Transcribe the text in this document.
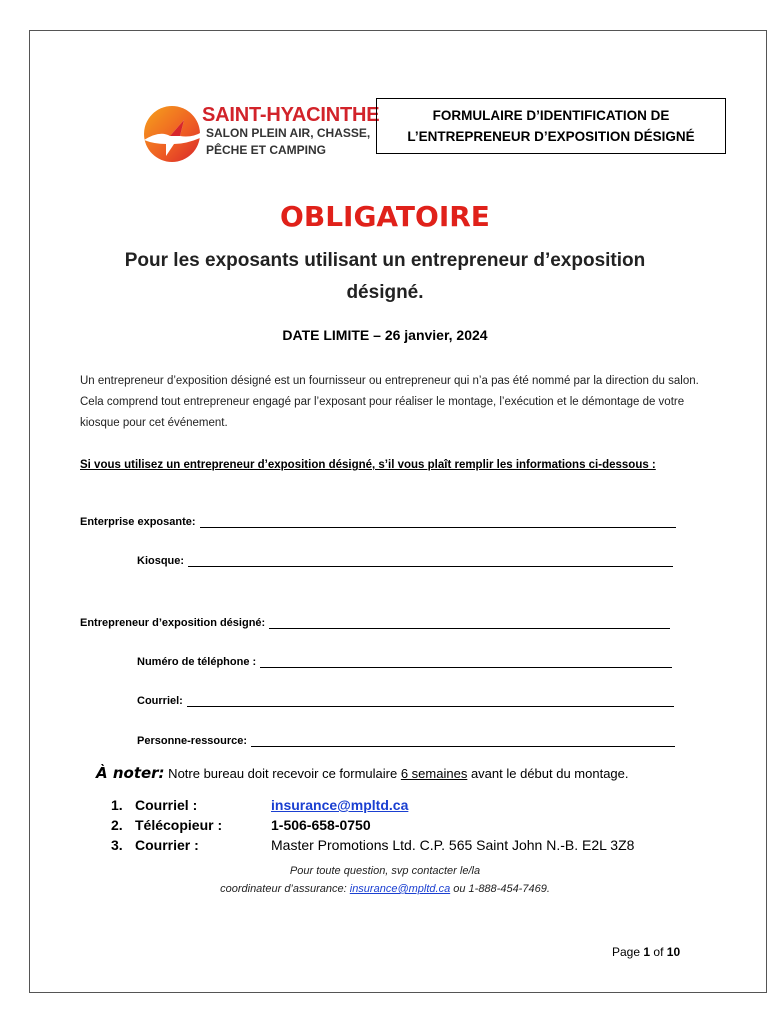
SAINT-HYACINTHE
SALON PLEIN AIR, CHASSE,
PÊCHE ET CAMPING
FORMULAIRE D’IDENTIFICATION DE
L’ENTREPRENEUR D’EXPOSITION DÉSIGNÉ
OBLIGATOIRE
Pour les exposants utilisant un entrepreneur d’exposition désigné.
DATE LIMITE – 26 janvier, 2024
Un entrepreneur d’exposition désigné est un fournisseur ou entrepreneur qui n’a pas été nommé par la direction du salon. Cela comprend tout entrepreneur engagé par l’exposant pour réaliser le montage, l’exécution et le démontage de votre kiosque pour cet événement.
Si vous utilisez un entrepreneur d’exposition désigné, s’il vous plaît remplir les informations ci-dessous :
Enterprise exposante:
Kiosque:
Entrepreneur d’exposition désigné:
Numéro de téléphone :
Courriel:
Personne-ressource:
À noter: Notre bureau doit recevoir ce formulaire 6 semaines avant le début du montage.
1. Courriel :	insurance@mpltd.ca
2. Télécopieur :	1-506-658-0750
3. Courrier :	Master Promotions Ltd. C.P. 565 Saint John N.-B. E2L 3Z8
Pour toute question, svp contacter le/la
coordinateur d’assurance: insurance@mpltd.ca ou 1-888-454-7469.
Page 1 of 10
